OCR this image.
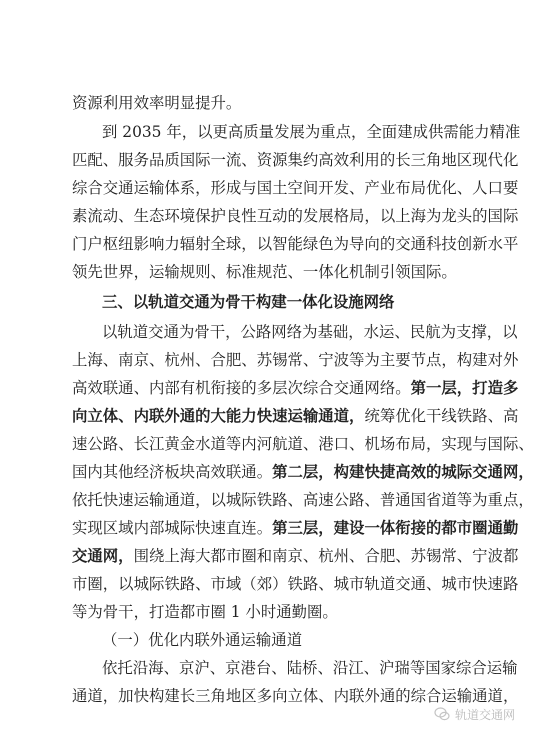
资源利用效率明显提升。
到 2035 年，以更高质量发展为重点，全面建成供需能力精准
匹配、服务品质国际一流、资源集约高效利用的长三角地区现代化
综合交通运输体系，形成与国土空间开发、产业布局优化、人口要
素流动、生态环境保护良性互动的发展格局，以上海为龙头的国际
门户枢纽影响力辐射全球，以智能绿色为导向的交通科技创新水平
领先世界，运输规则、标准规范、一体化机制引领国际。
三、以轨道交通为骨干构建一体化设施网络
以轨道交通为骨干，公路网络为基础，水运、民航为支撑，以
上海、南京、杭州、合肥、苏锡常、宁波等为主要节点，构建对外
高效联通、内部有机衔接的多层次综合交通网络。第一层，打造多
向立体、内联外通的大能力快速运输通道，统筹优化干线铁路、高
速公路、长江黄金水道等内河航道、港口、机场布局，实现与国际、
国内其他经济板块高效联通。第二层，构建快捷高效的城际交通网，
依托快速运输通道，以城际铁路、高速公路、普通国省道等为重点，
实现区域内部城际快速直连。第三层，建设一体衔接的都市圈通勤
交通网，围绕上海大都市圈和南京、杭州、合肥、苏锡常、宁波都
市圈，以城际铁路、市域（郊）铁路、城市轨道交通、城市快速路
等为骨干，打造都市圈 1 小时通勤圈。
（一）优化内联外通运输通道
依托沿海、京沪、京港台、陆桥、沿江、沪瑞等国家综合运输
通道，加快构建长三角地区多向立体、内联外通的综合运输通道，
轨道交通网
